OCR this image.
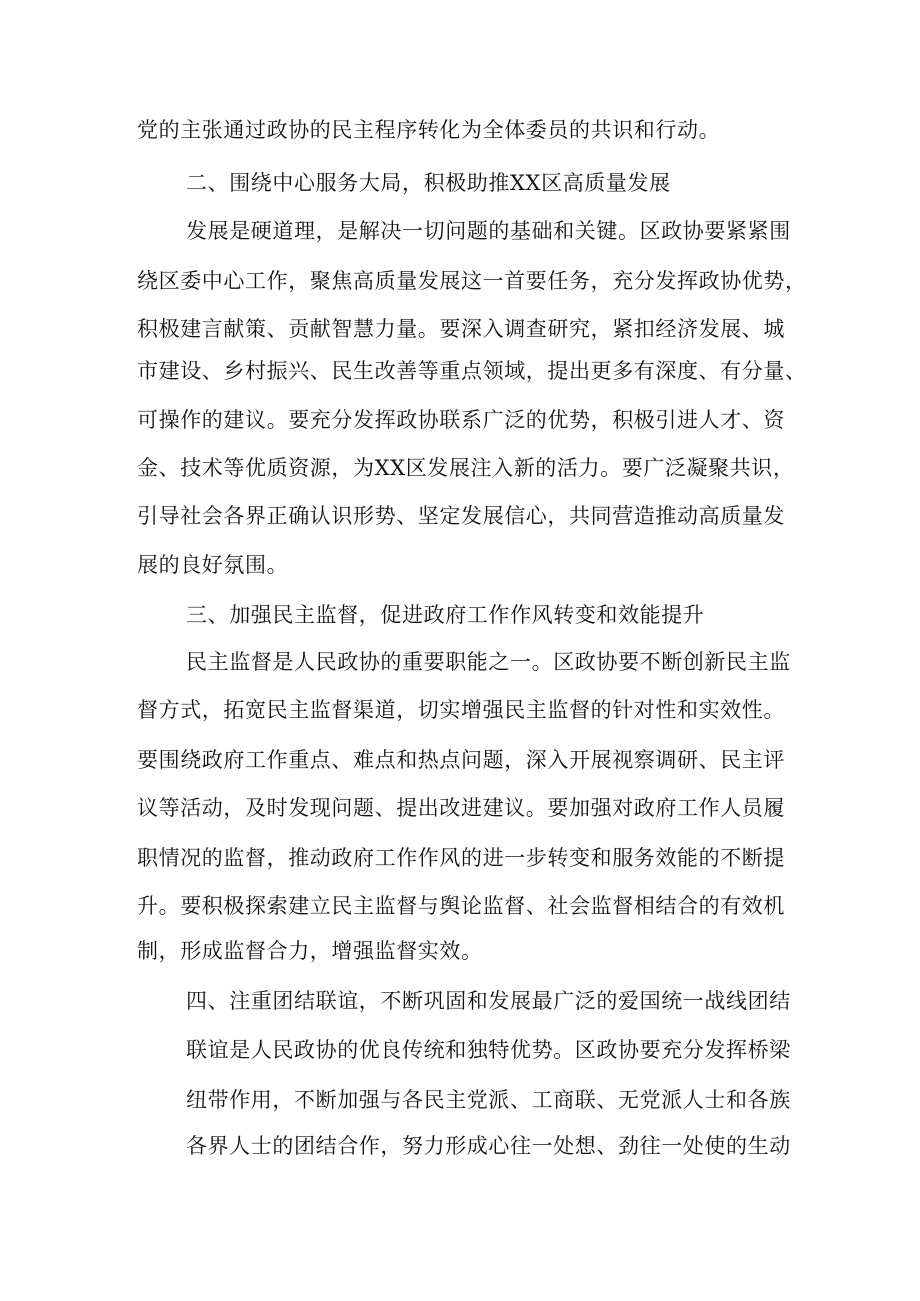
党的主张通过政协的民主程序转化为全体委员的共识和行动。
二、围绕中心服务大局，积极助推XX区高质量发展
发展是硬道理，是解决一切问题的基础和关键。区政协要紧紧围
绕区委中心工作，聚焦高质量发展这一首要任务，充分发挥政协优势，
积极建言献策、贡献智慧力量。要深入调查研究，紧扣经济发展、城
市建设、乡村振兴、民生改善等重点领域，提出更多有深度、有分量、
可操作的建议。要充分发挥政协联系广泛的优势，积极引进人才、资
金、技术等优质资源，为XX区发展注入新的活力。要广泛凝聚共识，
引导社会各界正确认识形势、坚定发展信心，共同营造推动高质量发
展的良好氛围。
三、加强民主监督，促进政府工作作风转变和效能提升
民主监督是人民政协的重要职能之一。区政协要不断创新民主监
督方式，拓宽民主监督渠道，切实增强民主监督的针对性和实效性。
要围绕政府工作重点、难点和热点问题，深入开展视察调研、民主评
议等活动，及时发现问题、提出改进建议。要加强对政府工作人员履
职情况的监督，推动政府工作作风的进一步转变和服务效能的不断提
升。要积极探索建立民主监督与舆论监督、社会监督相结合的有效机
制，形成监督合力，增强监督实效。
四、注重团结联谊，不断巩固和发展最广泛的爱国统一战线团结
联谊是人民政协的优良传统和独特优势。区政协要充分发挥桥梁
纽带作用，不断加强与各民主党派、工商联、无党派人士和各族
各界人士的团结合作，努力形成心往一处想、劲往一处使的生动
